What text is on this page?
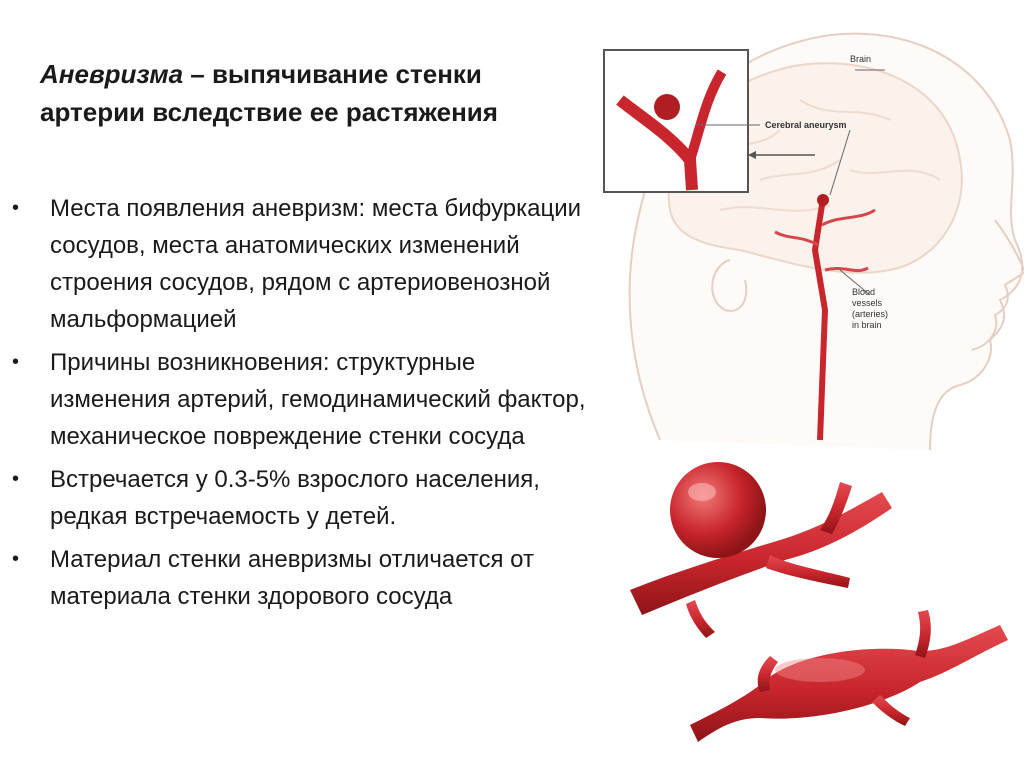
Аневризма – выпячивание стенки артерии вследствие ее растяжения
• Места появления аневризм: места бифуркации сосудов, места анатомических изменений строения сосудов, рядом с артериовенозной мальформацией
• Причины возникновения: структурные изменения артерий, гемодинамический фактор, механическое повреждение стенки сосуда
• Встречается у 0.3-5% взрослого населения, редкая встречаемость у детей.
• Материал стенки аневризмы отличается от материала стенки здорового сосуда
Brain
Cerebral aneurysm
Blood
vessels
(arteries)
in brain
